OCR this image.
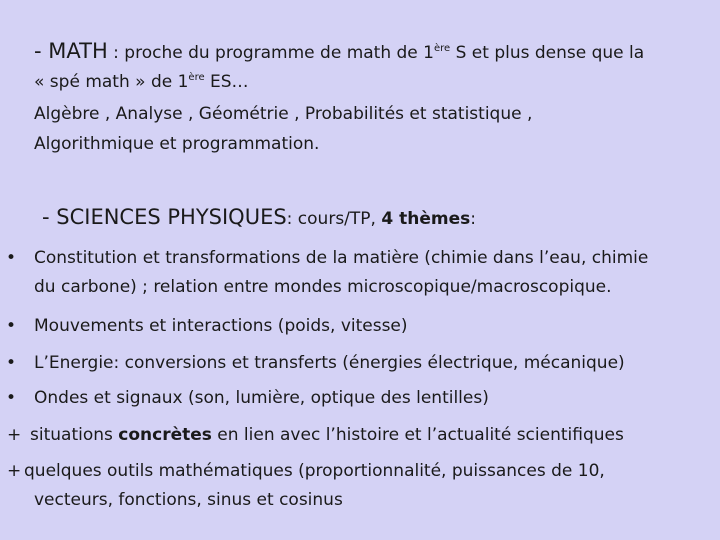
- MATH : proche du programme de math de 1ère S et plus dense que la
« spé math » de 1ère ES…
Algèbre , Analyse , Géométrie , Probabilités et statistique ,
Algorithmique et programmation.
- SCIENCES PHYSIQUES: cours/TP, 4 thèmes:
• Constitution et transformations de la matière (chimie dans l’eau, chimie
du carbone) ; relation entre mondes microscopique/macroscopique.
• Mouvements et interactions (poids, vitesse)
• L’Energie: conversions et transferts (énergies électrique, mécanique)
• Ondes et signaux (son, lumière, optique des lentilles)
+ situations concrètes en lien avec l’histoire et l’actualité scientifiques
+ quelques outils mathématiques (proportionnalité, puissances de 10,
vecteurs, fonctions, sinus et cosinus
